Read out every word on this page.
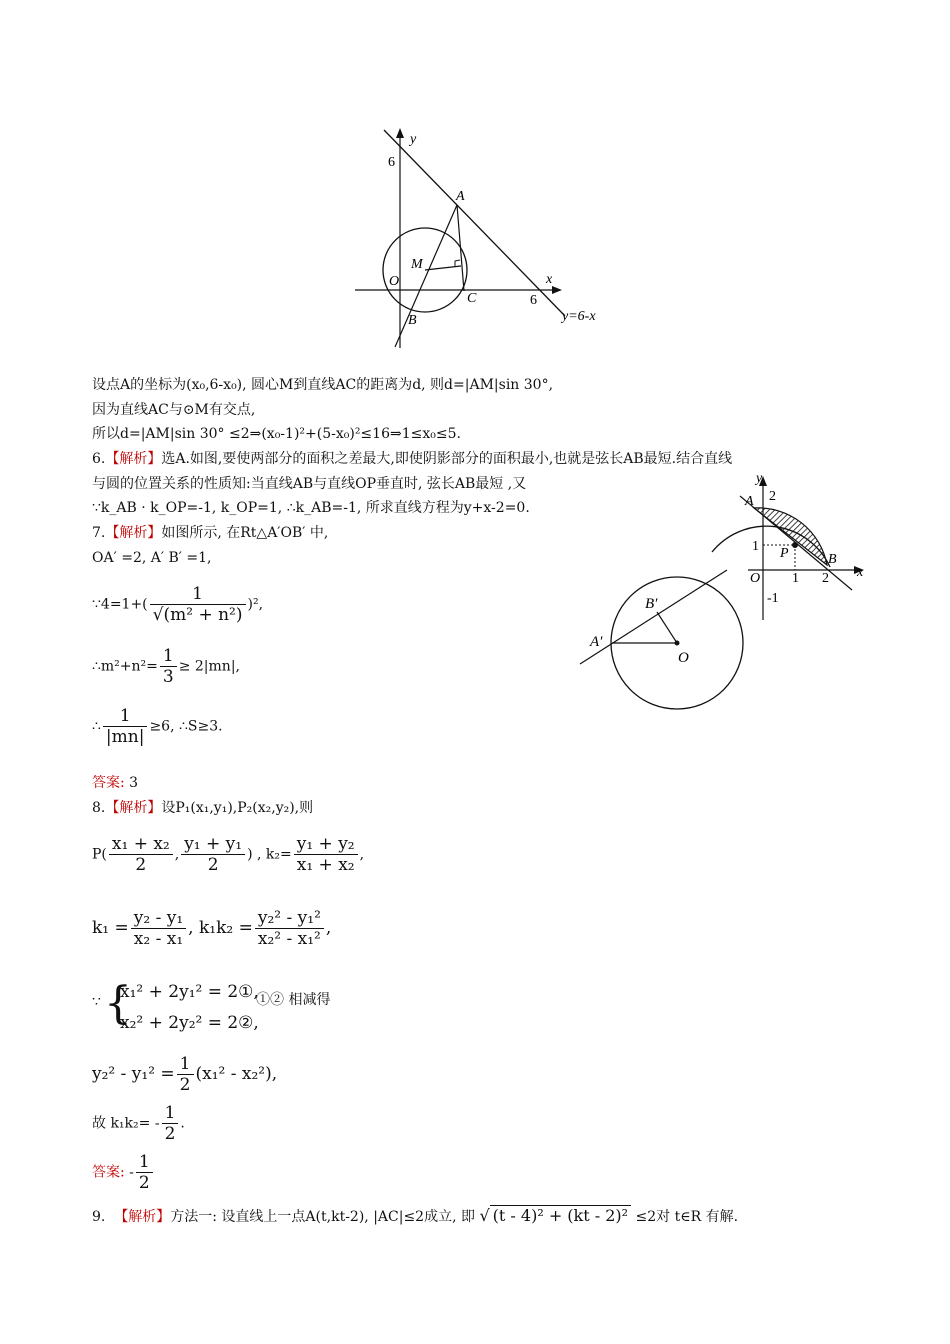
y
6
A
M
O	x
C	6
B	y=6-x
y
A 2
1 P	B
x
O 1 2
-1
A′
B′
O
设点A的坐标为(x₀,6-x₀), 圆心M到直线AC的距离为d, 则d=|AM|sin 30°,
因为直线AC与⊙M有交点,
所以d=|AM|sin 30° ≤2⇒(x₀-1)²+(5-x₀)²≤16⇒1≤x₀≤5.
6.【解析】选A.如图,要使两部分的面积之差最大,即使阴影部分的面积最小,也就是弦长AB最短.结合直线
与圆的位置关系的性质知:当直线AB与直线OP垂直时, 弦长AB最短 ,又
∵k_AB · k_OP=-1, k_OP=1, ∴k_AB=-1, 所求直线方程为y+x-2=0.
7.【解析】如图所示, 在Rt△A′OB′ 中,
OA′ =2, A′ B′ =1,
∵4=1+( $\frac{1}{\text{√(m² + n²)}} )^2$,
∴m²+n²= $\frac{1}{3} \ge 2|mn|$,
∴ $\frac{1}{|mn|} \ge 6$, ∴S≥3.
答案: 3
8.【解析】设P₁(x₁,y₁),P₂(x₂,y₂),则
$P( \frac{\text{x₁ + x₂}}{2}$ , $\frac{\text{y₁ + y₁}}{2}$ ) , $k_2= \frac{\text{y₁ + y₂}}{\text{x₁ + x₂}}$ ,
$k_1 = \frac{\text{y₂ - y₁}}{\text{x₂ - x₁}}$ , $k_1k_2 = \frac{\text{y₂² - y₁²}}{\text{x₂² - x₁²}}$ ,
∵ {
x₁² + 2y₁² = 2①,
x₂² + 2y₂² = 2②,
①② 相减得
$y_2^2 - y_1^2 = \frac{1}{2} (x_1^2 - x_2^2)$,
故 $k_1k_2= - \frac{1}{2}$ .
答案: - $\frac{1}{2}$
9. 【解析】方法一: 设直线上一点A(t,kt-2), |AC|≤2成立, 即 √ (t - 4)² + (kt - 2)² ≤2对 t∈R 有解.
